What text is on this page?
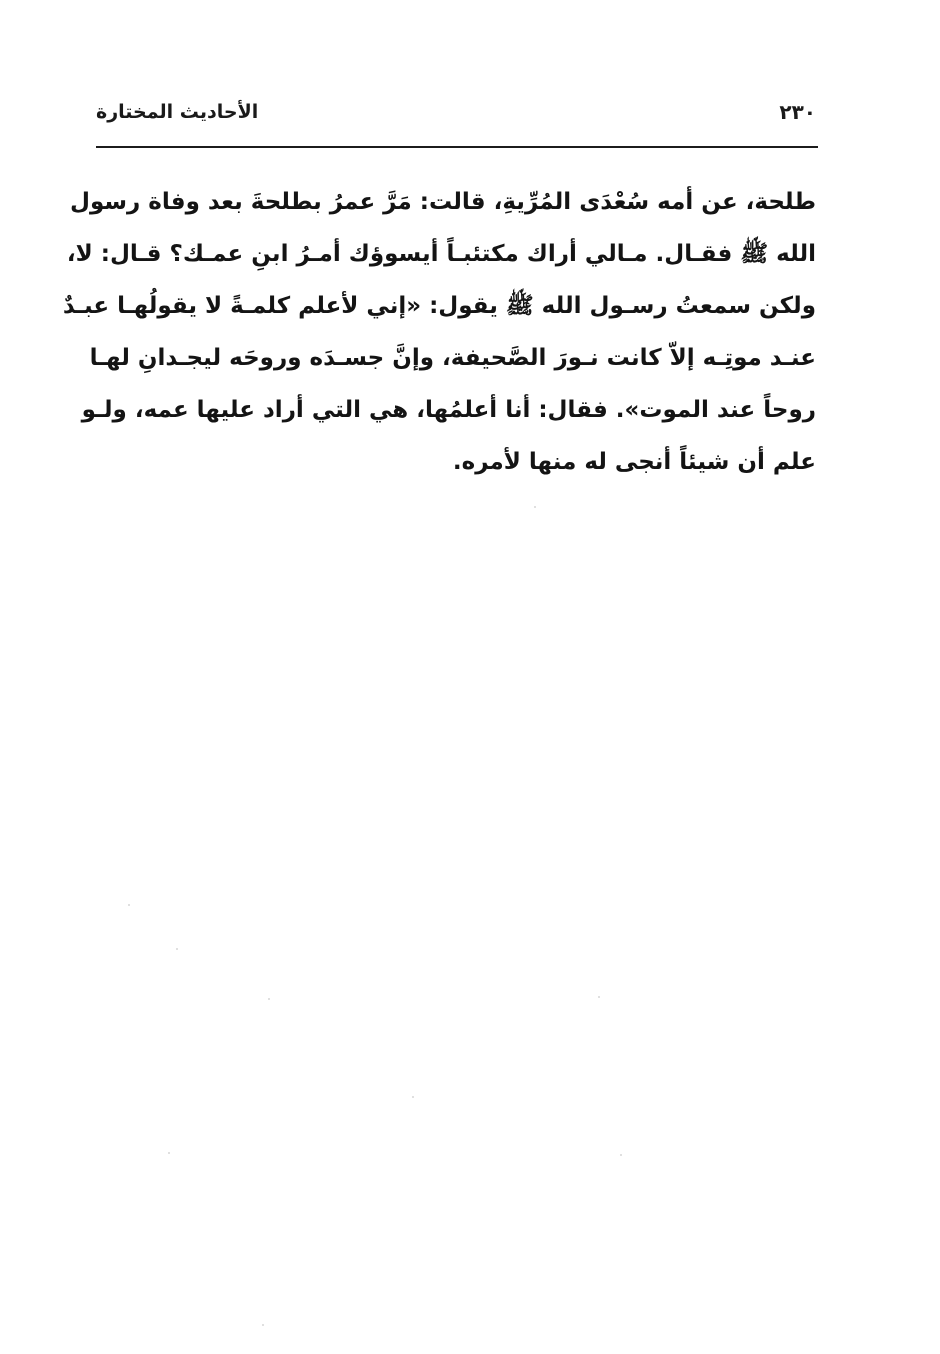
٢٣٠
الأحاديث المختارة
طلحة، عن أمه سُعْدَى المُرِّيةِ، قالت: مَرَّ عمرُ بطلحةَ بعد وفاة رسول
الله ﷺ فقـال. مـالي أراك مكتئبـاً أيسوؤك أمـرُ ابنِ عمـك؟ قـال: لا،
ولكن سمعتُ رسـول الله ﷺ يقول: «إني لأعلم كلمـةً لا يقولُهـا عبـدٌ
عنـد موتِـه إلاّ كانت نـورَ الصَّحيفة، وإنَّ جسـدَه وروحَه ليجـدانِ لهـا
روحاً عند الموت». فقال: أنا أعلمُها، هي التي أراد عليها عمه، ولـو
علم أن شيئاً أنجى له منها لأمره.
